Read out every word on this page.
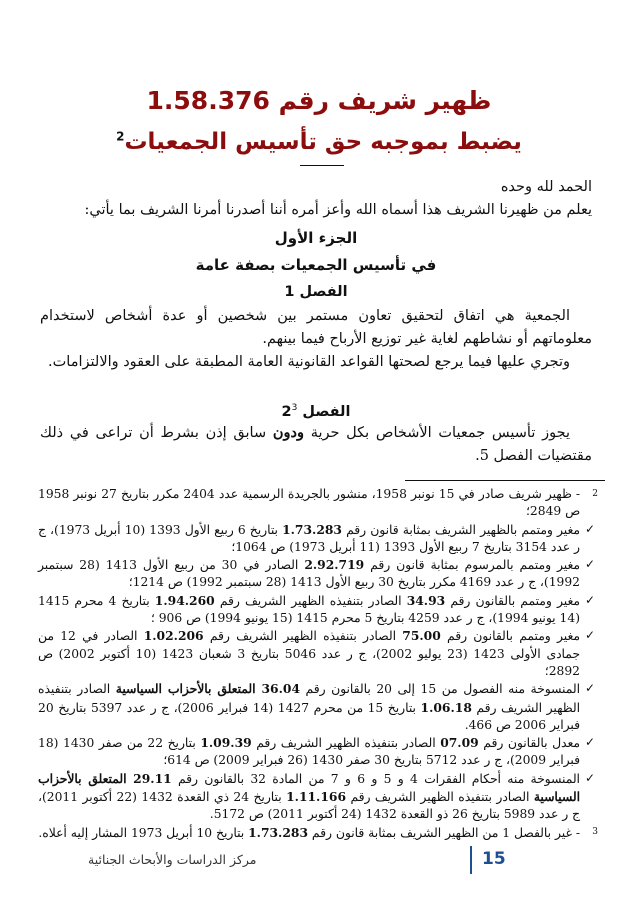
ظهير شريف رقم 1.58.376
يضبط بموجبه حق تأسيس الجمعيات$^2$
الحمد لله وحده
يعلم من ظهيرنا الشريف هذا أسماه الله وأعز أمره أننا أصدرنا أمرنا الشريف بما يأتي:
الجزء الأول
في تأسيس الجمعيات بصفة عامة
الفصل 1
الجمعية هي اتفاق لتحقيق تعاون مستمر بين شخصين أو عدة أشخاص لاستخدام معلوماتهم أو نشاطهم لغاية غير توزيع الأرباح فيما بينهم.
وتجري عليها فيما يرجع لصحتها القواعد القانونية العامة المطبقة على العقود والالتزامات.
الفصل $2^3$
يجوز تأسيس جمعيات الأشخاص بكل حرية ودون سابق إذن بشرط أن تراعى في ذلك مقتضيات الفصل 5.
$^2$
- ظهير شريف صادر في 15 نونبر 1958، منشور بالجريدة الرسمية عدد 2404 مكرر بتاريخ 27 نونبر 1958 ص 2849؛
✓
مغير ومتمم بالظهير الشريف بمثابة قانون رقم 1.73.283 بتاريخ 6 ربيع الأول 1393 (10 أبريل 1973)، ج ر عدد 3154 بتاريخ 7 ربيع الأول 1393 (11 أبريل 1973) ص 1064؛
✓
مغير ومتمم بالمرسوم بمثابة قانون رقم 2.92.719 الصادر في 30 من ربيع الأول 1413 (28 سبتمبر 1992)، ج ر عدد 4169 مكرر بتاريخ 30 ربيع الأول 1413 (28 سبتمبر 1992) ص 1214؛
✓
مغير ومتمم بالقانون رقم 34.93 الصادر بتنفيذه الظهير الشريف رقم 1.94.260 بتاريخ 4 محرم 1415 (14 يونيو 1994)، ج ر عدد 4259 بتاريخ 5 محرم 1415 (15 يونيو 1994) ص 906 ؛
✓
مغير ومتمم بالقانون رقم 75.00 الصادر بتنفيذه الظهير الشريف رقم 1.02.206 الصادر في 12 من جمادى الأولى 1423 (23 يوليو 2002)، ج ر عدد 5046 بتاريخ 3 شعبان 1423 (10 أكتوبر 2002) ص 2892؛
✓
المنسوخة منه الفصول من 15 إلى 20 بالقانون رقم 36.04 المتعلق بالأحزاب السياسية الصادر بتنفيذه الظهير الشريف رقم 1.06.18 بتاريخ 15 من محرم 1427 (14 فبراير 2006)، ج ر عدد 5397 بتاريخ 20 فبراير 2006 ص 466.
✓
معدل بالقانون رقم 07.09 الصادر بتنفيذه الظهير الشريف رقم 1.09.39 بتاريخ 22 من صفر 1430 (18 فبراير 2009)، ج ر عدد 5712 بتاريخ 30 صفر 1430 (26 فبراير 2009) ص 614؛
✓
المنسوخة منه أحكام الفقرات 4 و 5 و 6 و 7 من المادة 32 بالقانون رقم 29.11 المتعلق بالأحزاب السياسية الصادر بتنفيذه الظهير الشريف رقم 1.11.166 بتاريخ 24 ذي القعدة 1432 (22 أكتوبر 2011)، ج ر عدد 5989 بتاريخ 26 ذو القعدة 1432 (24 أكتوبر 2011) ص 5172.
$^3$
- غير بالفصل 1 من الظهير الشريف بمثابة قانون رقم 1.73.283 بتاريخ 10 أبريل 1973 المشار إليه أعلاه.
15
مركز الدراسات والأبحاث الجنائية
